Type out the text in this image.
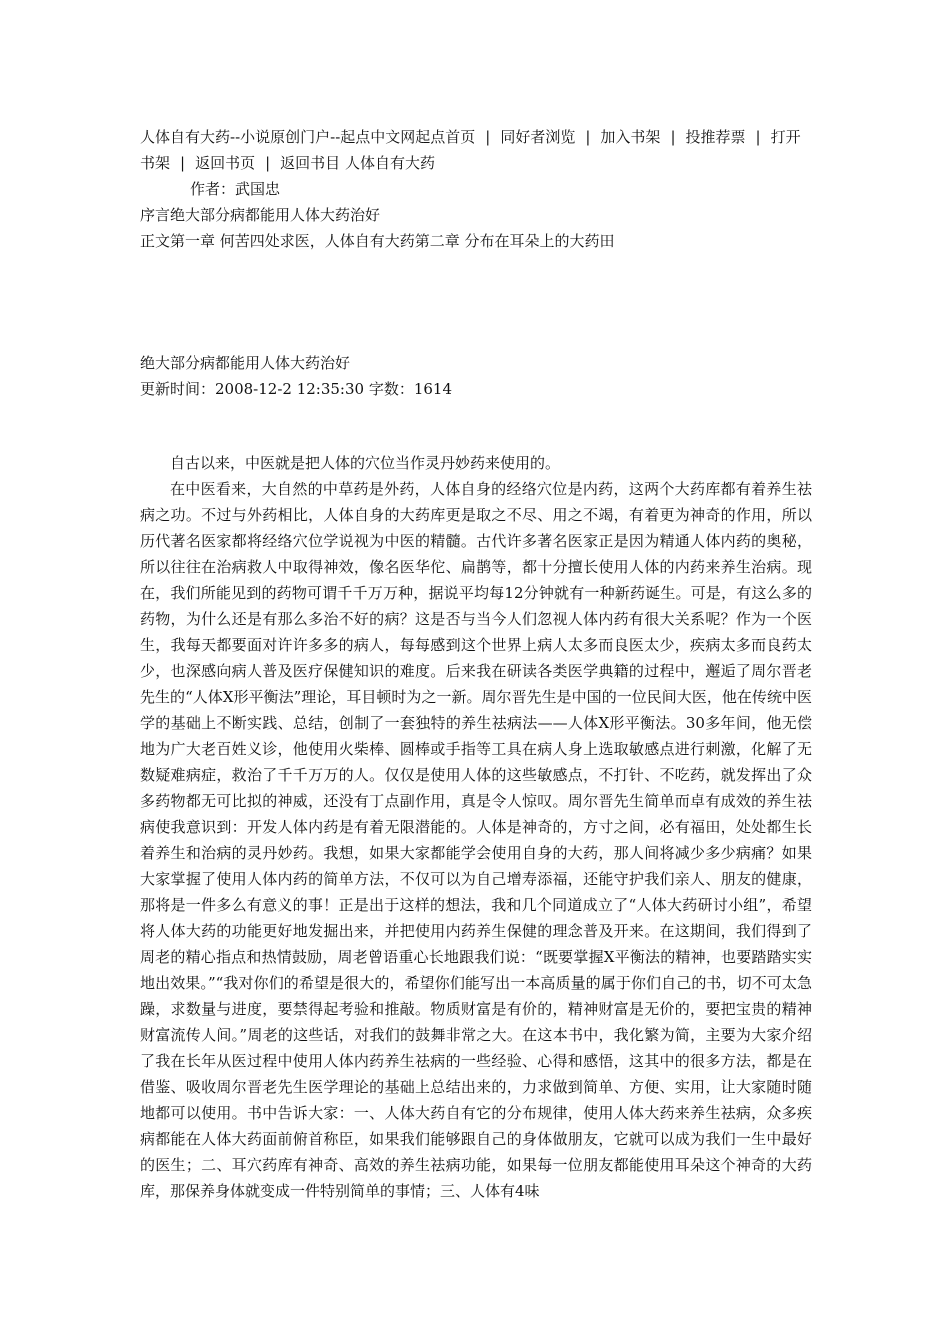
人体自有大药--小说原创门户--起点中文网起点首页 | 同好者浏览 | 加入书架 | 投推荐票 | 打开书架 | 返回书页 | 返回书目 人体自有大药
作者：武国忠
序言绝大部分病都能用人体大药治好
正文第一章 何苦四处求医，人体自有大药第二章 分布在耳朵上的大药田
绝大部分病都能用人体大药治好
更新时间：2008-12-2 12:35:30 字数：1614

自古以来，中医就是把人体的穴位当作灵丹妙药来使用的。

在中医看来，大自然的中草药是外药，人体自身的经络穴位是内药，这两个大药库都有着养生祛病之功。不过与外药相比，人体自身的大药库更是取之不尽、用之不竭，有着更为神奇的作用，所以历代著名医家都将经络穴位学说视为中医的精髓。古代许多著名医家正是因为精通人体内药的奥秘，所以往往在治病救人中取得神效，像名医华佗、扁鹊等，都十分擅长使用人体的内药来养生治病。现在，我们所能见到的药物可谓千千万万种，据说平均每12分钟就有一种新药诞生。可是，有这么多的药物，为什么还是有那么多治不好的病？这是否与当今人们忽视人体内药有很大关系呢？作为一个医生，我每天都要面对许许多多的病人，每每感到这个世界上病人太多而良医太少，疾病太多而良药太少，也深感向病人普及医疗保健知识的难度。后来我在研读各类医学典籍的过程中，邂逅了周尔晋老先生的“人体X形平衡法”理论，耳目顿时为之一新。周尔晋先生是中国的一位民间大医，他在传统中医学的基础上不断实践、总结，创制了一套独特的养生祛病法——人体X形平衡法。30多年间，他无偿地为广大老百姓义诊，他使用火柴棒、圆棒或手指等工具在病人身上选取敏感点进行刺激，化解了无数疑难病症，救治了千千万万的人。仅仅是使用人体的这些敏感点，不打针、不吃药，就发挥出了众多药物都无可比拟的神威，还没有丁点副作用，真是令人惊叹。周尔晋先生简单而卓有成效的养生祛病使我意识到：开发人体内药是有着无限潜能的。人体是神奇的，方寸之间，必有福田，处处都生长着养生和治病的灵丹妙药。我想，如果大家都能学会使用自身的大药，那人间将减少多少病痛？如果大家掌握了使用人体内药的简单方法，不仅可以为自己增寿添福，还能守护我们亲人、朋友的健康，那将是一件多么有意义的事！正是出于这样的想法，我和几个同道成立了“人体大药研讨小组”，希望将人体大药的功能更好地发掘出来，并把使用内药养生保健的理念普及开来。在这期间，我们得到了周老的精心指点和热情鼓励，周老曾语重心长地跟我们说：“既要掌握X平衡法的精神，也要踏踏实实地出效果。”“我对你们的希望是很大的，希望你们能写出一本高质量的属于你们自己的书，切不可太急躁，求数量与进度，要禁得起考验和推敲。物质财富是有价的，精神财富是无价的，要把宝贵的精神财富流传人间。”周老的这些话，对我们的鼓舞非常之大。在这本书中，我化繁为简，主要为大家介绍了我在长年从医过程中使用人体内药养生祛病的一些经验、心得和感悟，这其中的很多方法，都是在借鉴、吸收周尔晋老先生医学理论的基础上总结出来的，力求做到简单、方便、实用，让大家随时随地都可以使用。书中告诉大家：一、人体大药自有它的分布规律，使用人体大药来养生祛病，众多疾病都能在人体大药面前俯首称臣，如果我们能够跟自己的身体做朋友，它就可以成为我们一生中最好的医生；二、耳穴药库有神奇、高效的养生祛病功能，如果每一位朋友都能使用耳朵这个神奇的大药库，那保养身体就变成一件特别简单的事情；三、人体有4味
